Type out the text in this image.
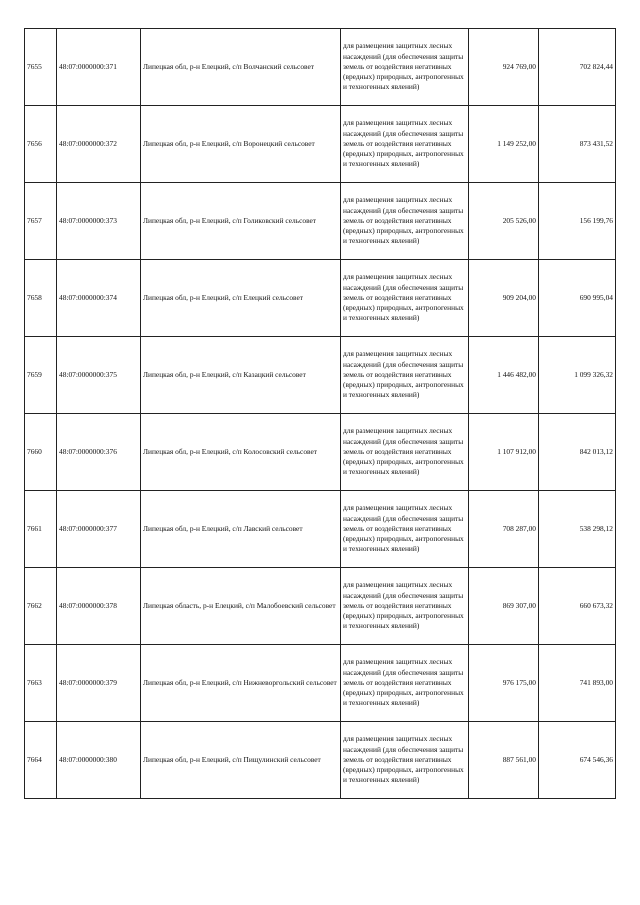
7655	48:07:0000000:371	Липецкая обл, р-н Елецкий, с/п Волчанский сельсовет	для размещения защитных лесных насаждений (для обеспечения защиты земель от воздействия негативных (вредных) природных, антропогенных и техногенных явлений)	924 769,00	702 824,44
7656	48:07:0000000:372	Липецкая обл, р-н Елецкий, с/п Воронецкий сельсовет	для размещения защитных лесных насаждений (для обеспечения защиты земель от воздействия негативных (вредных) природных, антропогенных и техногенных явлений)	1 149 252,00	873 431,52
7657	48:07:0000000:373	Липецкая обл, р-н Елецкий, с/п Голиковский сельсовет	для размещения защитных лесных насаждений (для обеспечения защиты земель от воздействия негативных (вредных) природных, антропогенных и техногенных явлений)	205 526,00	156 199,76
7658	48:07:0000000:374	Липецкая обл, р-н Елецкий, с/п Елецкий сельсовет	для размещения защитных лесных насаждений (для обеспечения защиты земель от воздействия негативных (вредных) природных, антропогенных и техногенных явлений)	909 204,00	690 995,04
7659	48:07:0000000:375	Липецкая обл, р-н Елецкий, с/п Казацкий сельсовет	для размещения защитных лесных насаждений (для обеспечения защиты земель от воздействия негативных (вредных) природных, антропогенных и техногенных явлений)	1 446 482,00	1 099 326,32
7660	48:07:0000000:376	Липецкая обл, р-н Елецкий, с/п Колосовский сельсовет	для размещения защитных лесных насаждений (для обеспечения защиты земель от воздействия негативных (вредных) природных, антропогенных и техногенных явлений)	1 107 912,00	842 013,12
7661	48:07:0000000:377	Липецкая обл, р-н Елецкий, с/п Лавский сельсовет	для размещения защитных лесных насаждений (для обеспечения защиты земель от воздействия негативных (вредных) природных, антропогенных и техногенных явлений)	708 287,00	538 298,12
7662	48:07:0000000:378	Липецкая область, р-н Елецкий, с/п Малобоевский сельсовет	для размещения защитных лесных насаждений (для обеспечения защиты земель от воздействия негативных (вредных) природных, антропогенных и техногенных явлений)	869 307,00	660 673,32
7663	48:07:0000000:379	Липецкая обл, р-н Елецкий, с/п Нижневоргольский сельсовет	для размещения защитных лесных насаждений (для обеспечения защиты земель от воздействия негативных (вредных) природных, антропогенных и техногенных явлений)	976 175,00	741 893,00
7664	48:07:0000000:380	Липецкая обл, р-н Елецкий, с/п Пищулинский сельсовет	для размещения защитных лесных насаждений (для обеспечения защиты земель от воздействия негативных (вредных) природных, антропогенных и техногенных явлений)	887 561,00	674 546,36
